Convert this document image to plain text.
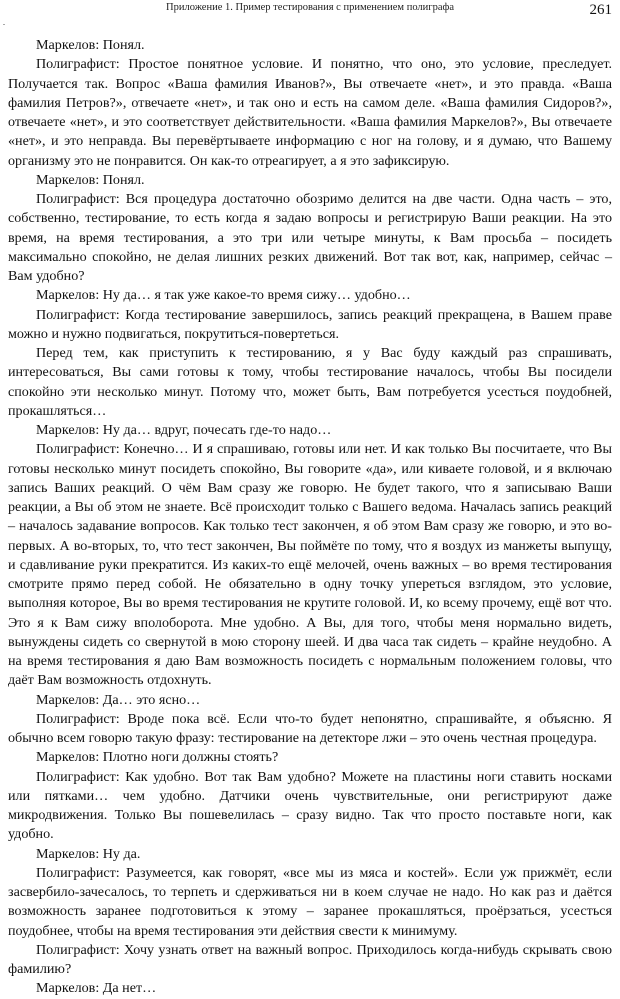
Приложение 1. Пример тестирования с применением полиграфа	261
.

Маркелов: Понял.

Полиграфист: Простое понятное условие. И понятно, что оно, это условие, преследует. Получается так. Вопрос «Ваша фамилия Иванов?», Вы отвечаете «нет», и это правда. «Ваша фамилия Петров?», отвечаете «нет», и так оно и есть на самом деле. «Ваша фамилия Сидоров?», отвечаете «нет», и это соответствует действительности. «Ваша фамилия Маркелов?», Вы отвечаете «нет», и это неправда. Вы перевёртываете информацию с ног на голову, и я думаю, что Вашему организму это не понравится. Он как-то отреагирует, а я это зафиксирую.

Маркелов: Понял.

Полиграфист: Вся процедура достаточно обозримо делится на две части. Одна часть – это, собственно, тестирование, то есть когда я задаю вопросы и регистрирую Ваши реакции. На это время, на время тестирования, а это три или четыре минуты, к Вам просьба – посидеть максимально спокойно, не делая лишних резких движений. Вот так вот, как, например, сейчас – Вам удобно?

Маркелов: Ну да… я так уже какое-то время сижу… удобно…

Полиграфист: Когда тестирование завершилось, запись реакций прекращена, в Вашем праве можно и нужно подвигаться, покрутиться-повертеться.

Перед тем, как приступить к тестированию, я у Вас буду каждый раз спрашивать, интересоваться, Вы сами готовы к тому, чтобы тестирование началось, чтобы Вы посидели спокойно эти несколько минут. Потому что, может быть, Вам потребуется усесться поудобней, прокашляться…

Маркелов: Ну да… вдруг, почесать где-то надо…

Полиграфист: Конечно… И я спрашиваю, готовы или нет. И как только Вы посчитаете, что Вы готовы несколько минут посидеть спокойно, Вы говорите «да», или киваете головой, и я включаю запись Ваших реакций. О чём Вам сразу же говорю. Не будет такого, что я записываю Ваши реакции, а Вы об этом не знаете. Всё происходит только с Вашего ведома. Началась запись реакций – началось задавание вопросов. Как только тест закончен, я об этом Вам сразу же говорю, и это во-первых. А во-вторых, то, что тест закончен, Вы поймёте по тому, что я воздух из манжеты выпущу, и сдавливание руки прекратится. Из каких-то ещё мелочей, очень важных – во время тестирования смотрите прямо перед собой. Не обязательно в одну точку упереться взглядом, это условие, выполняя которое, Вы во время тестирования не крутите головой. И, ко всему прочему, ещё вот что. Это я к Вам сижу вполоборота. Мне удобно. А Вы, для того, чтобы меня нормально видеть, вынуждены сидеть со свернутой в мою сторону шеей. И два часа так сидеть – крайне неудобно. А на время тестирования я даю Вам возможность посидеть с нормальным положением головы, что даёт Вам возможность отдохнуть.

Маркелов: Да… это ясно…

Полиграфист: Вроде пока всё. Если что-то будет непонятно, спрашивайте, я объясню. Я обычно всем говорю такую фразу: тестирование на детекторе лжи – это очень честная процедура.

Маркелов: Плотно ноги должны стоять?

Полиграфист: Как удобно. Вот так Вам удобно? Можете на пластины ноги ставить носками или пятками… чем удобно. Датчики очень чувствительные, они регистрируют даже микродвижения. Только Вы пошевелилась – сразу видно. Так что просто поставьте ноги, как удобно.

Маркелов: Ну да.

Полиграфист: Разумеется, как говорят, «все мы из мяса и костей». Если уж прижмёт, если засвербило-зачесалось, то терпеть и сдерживаться ни в коем случае не надо. Но как раз и даётся возможность заранее подготовиться к этому – заранее прокашляться, проёрзаться, усесться поудобнее, чтобы на время тестирования эти действия свести к минимуму.

Полиграфист: Хочу узнать ответ на важный вопрос. Приходилось когда-нибудь скрывать свою фамилию?

Маркелов: Да нет…
